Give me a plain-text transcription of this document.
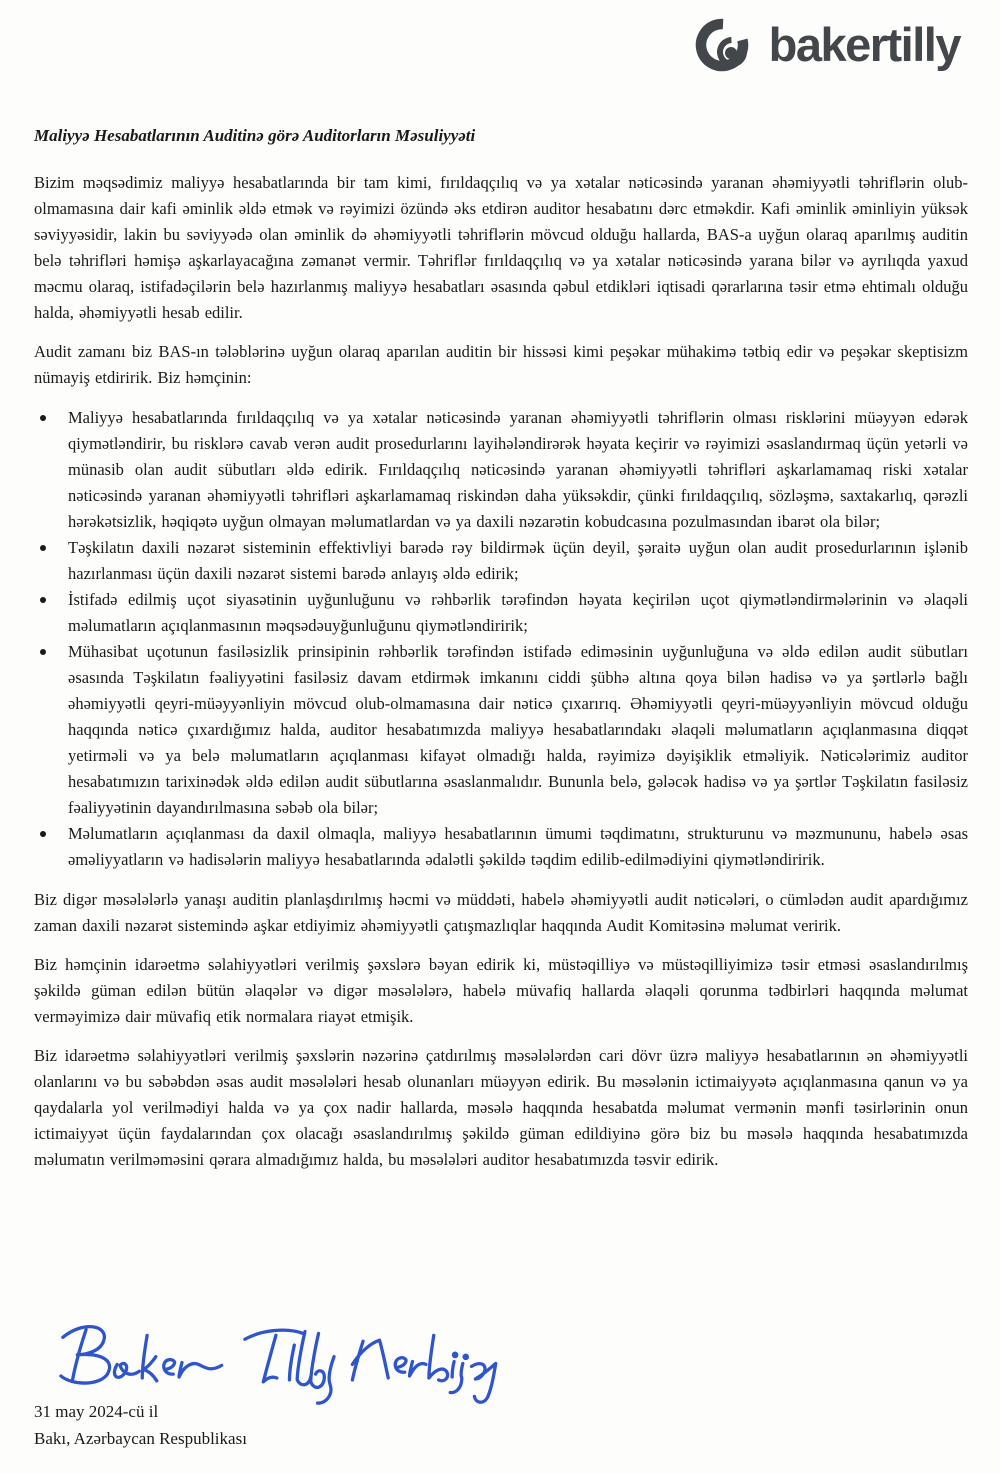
bakertilly
Maliyyə Hesabatlarının Auditinə görə Auditorların Məsuliyyəti

Bizim məqsədimiz maliyyə hesabatlarında bir tam kimi, fırıldaqçılıq və ya xətalar nəticəsində yaranan əhəmiyyətli təhriflərin olub-olmamasına dair kafi əminlik əldə etmək və rəyimizi özündə əks etdirən auditor hesabatını dərc etməkdir. Kafi əminlik əminliyin yüksək səviyyəsidir, lakin bu səviyyədə olan əminlik də əhəmiyyətli təhriflərin mövcud olduğu hallarda, BAS-a uyğun olaraq aparılmış auditin belə təhrifləri həmişə aşkarlayacağına zəmanət vermir. Təhriflər fırıldaqçılıq və ya xətalar nəticəsində yarana bilər və ayrılıqda yaxud məcmu olaraq, istifadəçilərin belə hazırlanmış maliyyə hesabatları əsasında qəbul etdikləri iqtisadi qərarlarına təsir etmə ehtimalı olduğu halda, əhəmiyyətli hesab edilir.

Audit zamanı biz BAS-ın tələblərinə uyğun olaraq aparılan auditin bir hissəsi kimi peşəkar mühakimə tətbiq edir və peşəkar skeptisizm nümayiş etdiririk. Biz həmçinin:

Maliyyə hesabatlarında fırıldaqçılıq və ya xətalar nəticəsində yaranan əhəmiyyətli təhriflərin olması risklərini müəyyən edərək qiymətləndirir, bu risklərə cavab verən audit prosedurlarını layihələndirərək həyata keçirir və rəyimizi əsaslandırmaq üçün yetərli və münasib olan audit sübutları əldə edirik. Fırıldaqçılıq nəticəsində yaranan əhəmiyyətli təhrifləri aşkarlamamaq riski xətalar nəticəsində yaranan əhəmiyyətli təhrifləri aşkarlamamaq riskindən daha yüksəkdir, çünki fırıldaqçılıq, sözləşmə, saxtakarlıq, qərəzli hərəkətsizlik, həqiqətə uyğun olmayan məlumatlardan və ya daxili nəzarətin kobudcasına pozulmasından ibarət ola bilər;
Təşkilatın daxili nəzarət sisteminin effektivliyi barədə rəy bildirmək üçün deyil, şəraitə uyğun olan audit prosedurlarının işlənib hazırlanması üçün daxili nəzarət sistemi barədə anlayış əldə edirik;
İstifadə edilmiş uçot siyasətinin uyğunluğunu və rəhbərlik tərəfindən həyata keçirilən uçot qiymətləndirmələrinin və əlaqəli məlumatların açıqlanmasının məqsədəuyğunluğunu qiymətləndiririk;
Mühasibat uçotunun fasiləsizlik prinsipinin rəhbərlik tərəfindən istifadə ediməsinin uyğunluğuna və əldə edilən audit sübutları əsasında Təşkilatın fəaliyyətini fasiləsiz davam etdirmək imkanını ciddi şübhə altına qoya bilən hadisə və ya şərtlərlə bağlı əhəmiyyətli qeyri-müəyyənliyin mövcud olub-olmamasına dair nəticə çıxarırıq. Əhəmiyyətli qeyri-müəyyənliyin mövcud olduğu haqqında nəticə çıxardığımız halda, auditor hesabatımızda maliyyə hesabatlarındakı əlaqəli məlumatların açıqlanmasına diqqət yetirməli və ya belə məlumatların açıqlanması kifayət olmadığı halda, rəyimizə dəyişiklik etməliyik. Nəticələrimiz auditor hesabatımızın tarixinədək əldə edilən audit sübutlarına əsaslanmalıdır. Bununla belə, gələcək hadisə və ya şərtlər Təşkilatın fasiləsiz fəaliyyətinin dayandırılmasına səbəb ola bilər;
Məlumatların açıqlanması da daxil olmaqla, maliyyə hesabatlarının ümumi təqdimatını, strukturunu və məzmununu, habelə əsas əməliyyatların və hadisələrin maliyyə hesabatlarında ədalətli şəkildə təqdim edilib-edilmədiyini qiymətləndiririk.

Biz digər məsələlərlə yanaşı auditin planlaşdırılmış həcmi və müddəti, habelə əhəmiyyətli audit nəticələri, o cümlədən audit apardığımız zaman daxili nəzarət sistemində aşkar etdiyimiz əhəmiyyətli çatışmazlıqlar haqqında Audit Komitəsinə məlumat veririk.

Biz həmçinin idarəetmə səlahiyyətləri verilmiş şəxslərə bəyan edirik ki, müstəqilliyə və müstəqilliyimizə təsir etməsi əsaslandırılmış şəkildə güman edilən bütün əlaqələr və digər məsələlərə, habelə müvafiq hallarda əlaqəli qorunma tədbirləri haqqında məlumat verməyimizə dair müvafiq etik normalara riayət etmişik.

Biz idarəetmə səlahiyyətləri verilmiş şəxslərin nəzərinə çatdırılmış məsələlərdən cari dövr üzrə maliyyə hesabatlarının ən əhəmiyyətli olanlarını və bu səbəbdən əsas audit məsələləri hesab olunanları müəyyən edirik. Bu məsələnin ictimaiyyətə açıqlanmasına qanun və ya qaydalarla yol verilmədiyi halda və ya çox nadir hallarda, məsələ haqqında hesabatda məlumat vermənin mənfi təsirlərinin onun ictimaiyyət üçün faydalarından çox olacağı əsaslandırılmış şəkildə güman edildiyinə görə biz bu məsələ haqqında hesabatımızda məlumatın verilməməsini qərara almadığımız halda, bu məsələləri auditor hesabatımızda təsvir edirik.

31 may 2024-cü il

Bakı, Azərbaycan Respublikası
